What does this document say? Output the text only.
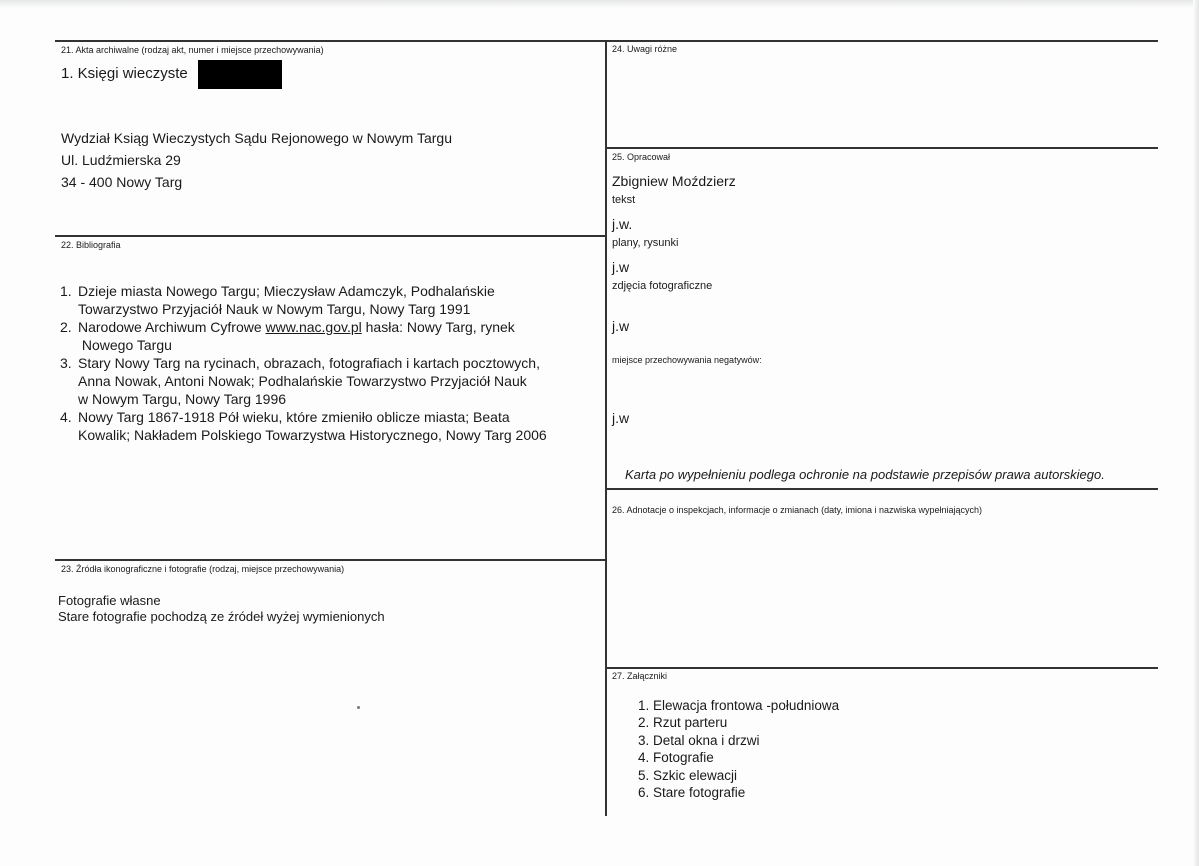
21. Akta archiwalne (rodzaj akt, numer i miejsce przechowywania)
1. Księgi wieczyste
Wydział Ksiąg Wieczystych Sądu Rejonowego w Nowym Targu
Ul. Ludźmierska 29
34 - 400 Nowy Targ
22. Bibliografia
1. Dzieje miasta Nowego Targu; Mieczysław Adamczyk, Podhalańskie
Towarzystwo Przyjaciół Nauk w Nowym Targu, Nowy Targ 1991
2. Narodowe Archiwum Cyfrowe www.nac.gov.pl hasła: Nowy Targ, rynek
Nowego Targu
3. Stary Nowy Targ na rycinach, obrazach, fotografiach i kartach pocztowych,
Anna Nowak, Antoni Nowak; Podhalańskie Towarzystwo Przyjaciół Nauk
w Nowym Targu, Nowy Targ 1996
4. Nowy Targ 1867-1918 Pół wieku, które zmieniło oblicze miasta; Beata
Kowalik; Nakładem Polskiego Towarzystwa Historycznego, Nowy Targ 2006
23. Źródła ikonograficzne i fotografie (rodzaj, miejsce przechowywania)
Fotografie własne
Stare fotografie pochodzą ze źródeł wyżej wymienionych
24. Uwagi różne
25. Opracował
Zbigniew Moździerz
tekst
j.w.
plany, rysunki
j.w
zdjęcia fotograficzne
j.w
miejsce przechowywania negatywów:
j.w
Karta po wypełnieniu podlega ochronie na podstawie przepisów prawa autorskiego.
26. Adnotacje o inspekcjach, informacje o zmianach (daty, imiona i nazwiska wypełniających)
27. Załączniki
1. Elewacja frontowa -południowa
2. Rzut parteru
3. Detal okna i drzwi
4. Fotografie
5. Szkic elewacji
6. Stare fotografie
